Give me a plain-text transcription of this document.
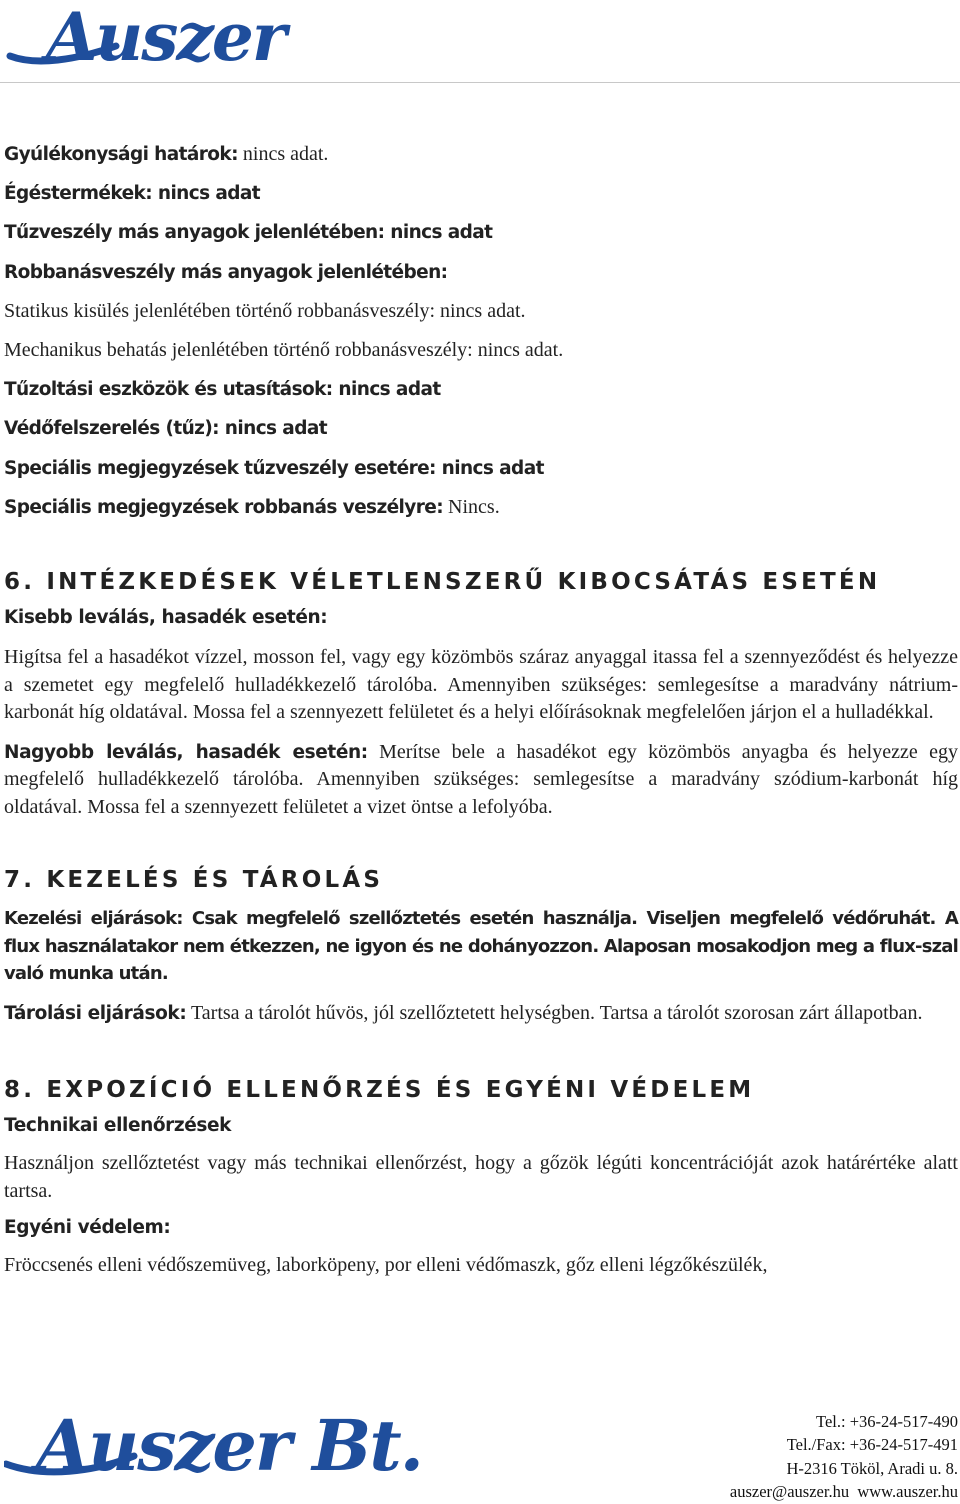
Auszer
Gyúlékonysági határok: nincs adat.
Égéstermékek: nincs adat
Tűzveszély más anyagok jelenlétében: nincs adat
Robbanásveszély más anyagok jelenlétében:
Statikus kisülés jelenlétében történő robbanásveszély: nincs adat.
Mechanikus behatás jelenlétében történő robbanásveszély: nincs adat.
Tűzoltási eszközök és utasítások: nincs adat
Védőfelszerelés (tűz): nincs adat
Speciális megjegyzések tűzveszély esetére: nincs adat
Speciális megjegyzések robbanás veszélyre: Nincs.
6. INTÉZKEDÉSEK VÉLETLENSZERŰ KIBOCSÁTÁS ESETÉN
Kisebb leválás, hasadék esetén:
Higítsa fel a hasadékot vízzel, mosson fel, vagy egy közömbös száraz anyaggal itassa fel a szennyeződést és helyezze a szemetet egy megfelelő hulladékkezelő tárolóba. Amennyiben szükséges: semlegesítse a maradvány nátrium-karbonát híg oldatával. Mossa fel a szennyezett felületet és a helyi előírásoknak megfelelően járjon el a hulladékkal.
Nagyobb leválás, hasadék esetén: Merítse bele a hasadékot egy közömbös anyagba és helyezze egy megfelelő hulladékkezelő tárolóba. Amennyiben szükséges: semlegesítse a maradvány szódium-karbonát híg oldatával. Mossa fel a szennyezett felületet a vizet öntse a lefolyóba.
7. KEZELÉS ÉS TÁROLÁS
Kezelési eljárások: Csak megfelelő szellőztetés esetén használja. Viseljen megfelelő védőruhát. A flux használatakor nem étkezzen, ne igyon és ne dohányozzon. Alaposan mosakodjon meg a flux-szal való munka után.
Tárolási eljárások: Tartsa a tárolót hűvös, jól szellőztetett helységben. Tartsa a tárolót szorosan zárt állapotban.
8. EXPOZÍCIÓ ELLENŐRZÉS ÉS EGYÉNI VÉDELEM
Technikai ellenőrzések
Használjon szellőztetést vagy más technikai ellenőrzést, hogy a gőzök légúti koncentrációját azok határértéke alatt tartsa.
Egyéni védelem:
Fröccsenés elleni védőszemüveg, laborköpeny, por elleni védőmaszk, gőz elleni légzőkészülék,
Auszer Bt.	Tel.: +36-24-517-490
Tel./Fax: +36-24-517-491
H-2316 Tököl, Aradi u. 8.
auszer@auszer.hu www.auszer.hu
